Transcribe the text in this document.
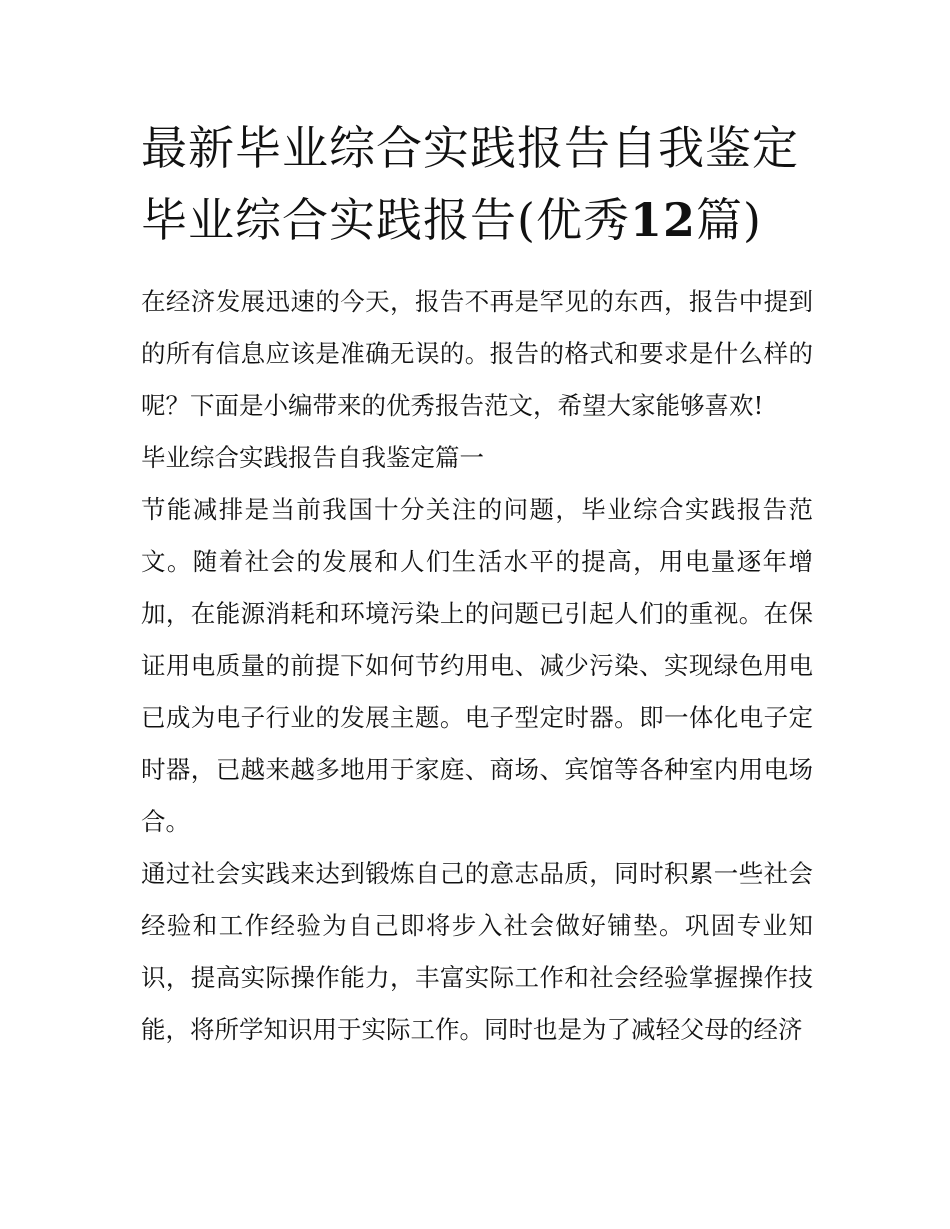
最新毕业综合实践报告自我鉴定 毕业综合实践报告(优秀12篇)

在经济发展迅速的今天，报告不再是罕见的东西，报告中提到的所有信息应该是准确无误的。报告的格式和要求是什么样的呢？下面是小编带来的优秀报告范文，希望大家能够喜欢!

毕业综合实践报告自我鉴定篇一

节能减排是当前我国十分关注的问题，毕业综合实践报告范文。随着社会的发展和人们生活水平的提高，用电量逐年增加，在能源消耗和环境污染上的问题已引起人们的重视。在保证用电质量的前提下如何节约用电、减少污染、实现绿色用电已成为电子行业的发展主题。电子型定时器。即一体化电子定时器，已越来越多地用于家庭、商场、宾馆等各种室内用电场合。

通过社会实践来达到锻炼自己的意志品质，同时积累一些社会经验和工作经验为自己即将步入社会做好铺垫。巩固专业知识，提高实际操作能力，丰富实际工作和社会经验掌握操作技能，将所学知识用于实际工作。同时也是为了减轻父母的经济
